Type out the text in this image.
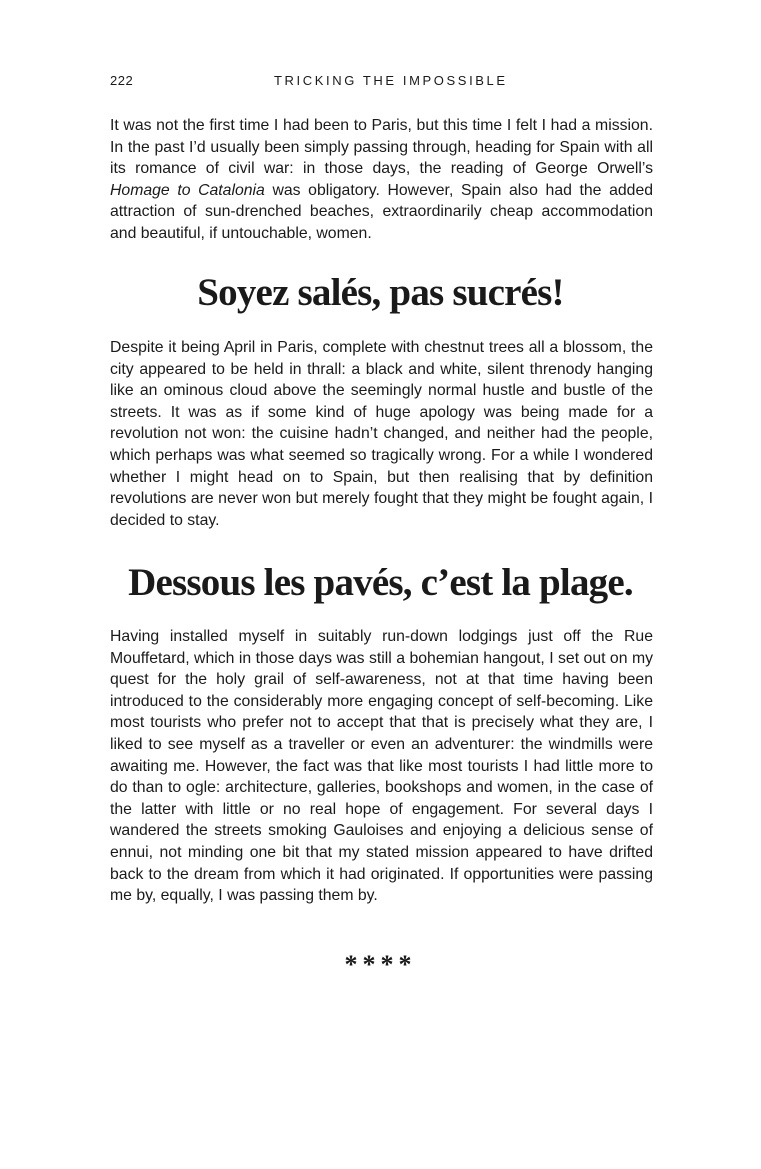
222	TRICKING THE IMPOSSIBLE

It was not the first time I had been to Paris, but this time I felt I had a mission. In the past I’d usually been simply passing through, heading for Spain with all its romance of civil war: in those days, the reading of George Orwell’s Homage to Catalonia was obligatory. However, Spain also had the added attraction of sun-drenched beaches, extraordinarily cheap accommodation and beautiful, if untouchable, women.

Soyez salés, pas sucrés!

Despite it being April in Paris, complete with chestnut trees all a blossom, the city appeared to be held in thrall: a black and white, silent threnody hanging like an ominous cloud above the seemingly normal hustle and bustle of the streets. It was as if some kind of huge apology was being made for a revolution not won: the cuisine hadn’t changed, and neither had the people, which perhaps was what seemed so tragically wrong. For a while I wondered whether I might head on to Spain, but then realising that by definition revolutions are never won but merely fought that they might be fought again, I decided to stay.

Dessous les pavés, c’est la plage.

Having installed myself in suitably run-down lodgings just off the Rue Mouffetard, which in those days was still a bohemian hangout, I set out on my quest for the holy grail of self-awareness, not at that time having been introduced to the considerably more engaging concept of self-becoming. Like most tourists who prefer not to accept that that is precisely what they are, I liked to see myself as a traveller or even an adventurer: the windmills were awaiting me. However, the fact was that like most tourists I had little more to do than to ogle: architecture, galleries, bookshops and women, in the case of the latter with little or no real hope of engagement. For several days I wandered the streets smoking Gauloises and enjoying a delicious sense of ennui, not minding one bit that my stated mission appeared to have drifted back to the dream from which it had originated. If opportunities were passing me by, equally, I was passing them by.

****
